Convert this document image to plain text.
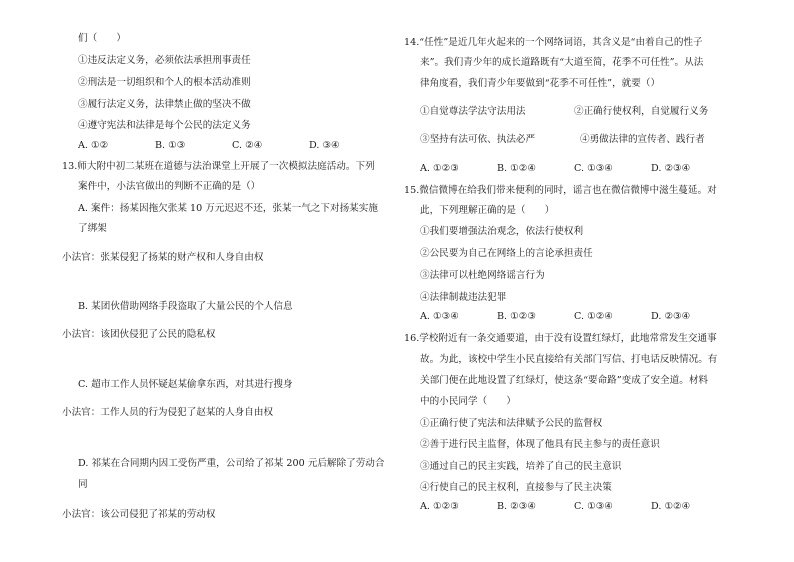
们（　　）
①违反法定义务，必须依法承担刑事责任
②刑法是一切组织和个人的根本活动准则
③履行法定义务，法律禁止做的坚决不做
④遵守宪法和法律是每个公民的法定义务
A. ①②	B. ①③	C. ②④	D. ③④
13.师大附中初二某班在道德与法治课堂上开展了一次模拟法庭活动。下列
案件中，小法官做出的判断不正确的是（）
A. 案件：扬某因拖欠张某 10 万元迟迟不还，张某一气之下对扬某实施
了绑架
小法官：张某侵犯了扬某的财产权和人身自由权
B. 某团伙借助网络手段盗取了大量公民的个人信息
小法官：该团伙侵犯了公民的隐私权
C. 超市工作人员怀疑赵某偷拿东西，对其进行搜身
小法官：工作人员的行为侵犯了赵某的人身自由权
D. 祁某在合同期内因工受伤严重，公司给了祁某 200 元后解除了劳动合
同
小法官：该公司侵犯了祁某的劳动权
14.“任性”是近几年火起来的一个网络词语，其含义是“由着自己的性子
来”。我们青少年的成长道路既有“大道至简，花季不可任性”。从法
律角度看，我们青少年要做到“花季不可任性”，就要（）
①自觉尊法学法守法用法	②正确行使权利，自觉履行义务
③坚持有法可依、执法必严	④勇做法律的宣传者、践行者
A. ①②③	B. ①②④	C. ①③④	D. ②③④
15.微信微博在给我们带来便利的同时，谣言也在微信微博中滋生蔓延。对
此，下列理解正确的是（　　）
①我们要增强法治观念，依法行使权利
②公民要为自己在网络上的言论承担责任
③法律可以杜绝网络谣言行为
④法律制裁违法犯罪
A. ①③④	B. ①②③	C. ①②④	D. ②③④
16.学校附近有一条交通要道，由于没有设置红绿灯，此地常常发生交通事
故。为此，该校中学生小民直接给有关部门写信、打电话反映情况。有
关部门便在此地设置了红绿灯，使这条“要命路”变成了安全道。材料
中的小民同学（　　）
①正确行使了宪法和法律赋予公民的监督权
②善于进行民主监督，体现了他具有民主参与的责任意识
③通过自己的民主实践，培养了自己的民主意识
④行使自己的民主权利，直接参与了民主决策
A. ①②③	B. ②③④	C. ①③④	D. ①②④
